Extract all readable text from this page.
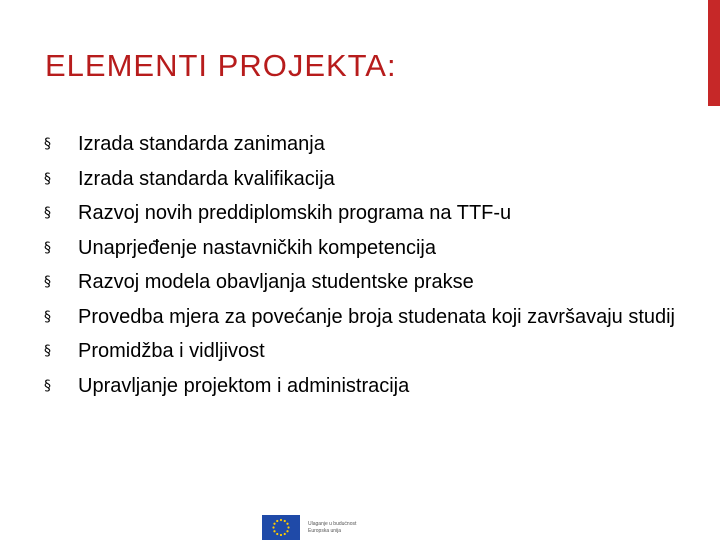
ELEMENTI PROJEKTA:
§	Izrada standarda zanimanja
§	Izrada standarda kvalifikacija
§	Razvoj novih preddiplomskih programa na TTF-u
§	Unaprjeđenje nastavničkih kompetencija
§	Razvoj modela obavljanja studentske prakse
§	Provedba mjera za povećanje broja studenata koji završavaju studij
§	Promidžba i vidljivost
§	Upravljanje projektom i administracija
Ulaganje u budućnost
Europska unija
